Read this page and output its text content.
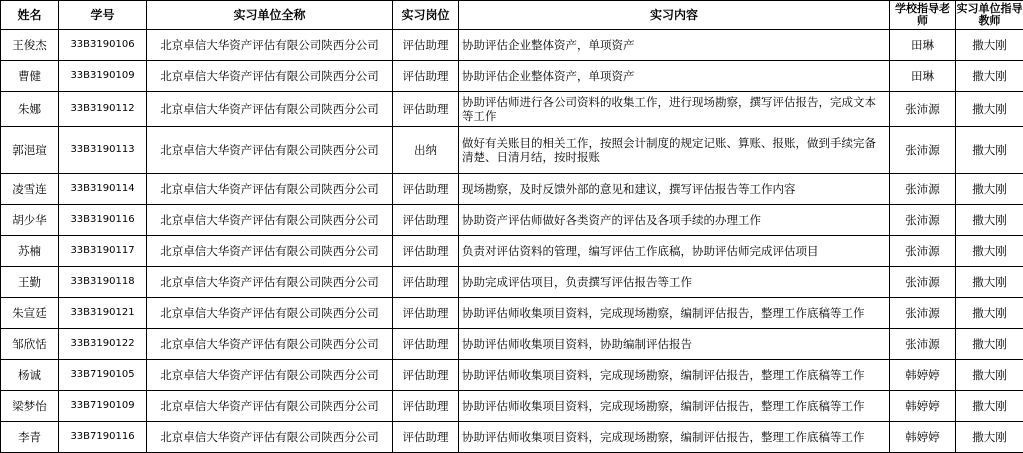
姓名	学号	实习单位全称	实习岗位	实习内容	学校指导老师	实习单位指导教师
王俊杰	33B3190106	北京卓信大华资产评估有限公司陕西分公司	评估助理	协助评估企业整体资产，单项资产	田琳	撒大刚
曹健	33B3190109	北京卓信大华资产评估有限公司陕西分公司	评估助理	协助评估企业整体资产，单项资产	田琳	撒大刚
朱娜	33B3190112	北京卓信大华资产评估有限公司陕西分公司	评估助理	协助评估师进行各公司资料的收集工作，进行现场勘察，撰写评估报告，完成文本等工作	张沛源	撒大刚
郭浥瑄	33B3190113	北京卓信大华资产评估有限公司陕西分公司	出纳	做好有关账目的相关工作，按照会计制度的规定记账、算账、报账，做到手续完备清楚、日清月结，按时报账	张沛源	撒大刚
凌雪连	33B3190114	北京卓信大华资产评估有限公司陕西分公司	评估助理	现场勘察，及时反馈外部的意见和建议，撰写评估报告等工作内容	张沛源	撒大刚
胡少华	33B3190116	北京卓信大华资产评估有限公司陕西分公司	评估助理	协助资产评估师做好各类资产的评估及各项手续的办理工作	张沛源	撒大刚
苏楠	33B3190117	北京卓信大华资产评估有限公司陕西分公司	评估助理	负责对评估资料的管理，编写评估工作底稿，协助评估师完成评估项目	张沛源	撒大刚
王勤	33B3190118	北京卓信大华资产评估有限公司陕西分公司	评估助理	协助完成评估项目，负责撰写评估报告等工作	张沛源	撒大刚
朱宣廷	33B3190121	北京卓信大华资产评估有限公司陕西分公司	评估助理	协助评估师收集项目资料，完成现场勘察，编制评估报告，整理工作底稿等工作	张沛源	撒大刚
邹欣恬	33B3190122	北京卓信大华资产评估有限公司陕西分公司	评估助理	协助评估师收集项目资料，协助编制评估报告	张沛源	撒大刚
杨诚	33B7190105	北京卓信大华资产评估有限公司陕西分公司	评估助理	协助评估师收集项目资料，完成现场勘察，编制评估报告，整理工作底稿等工作	韩婷婷	撒大刚
梁梦怡	33B7190109	北京卓信大华资产评估有限公司陕西分公司	评估助理	协助评估师收集项目资料，完成现场勘察，编制评估报告，整理工作底稿等工作	韩婷婷	撒大刚
李青	33B7190116	北京卓信大华资产评估有限公司陕西分公司	评估助理	协助评估师收集项目资料，完成现场勘察，编制评估报告，整理工作底稿等工作	韩婷婷	撒大刚
